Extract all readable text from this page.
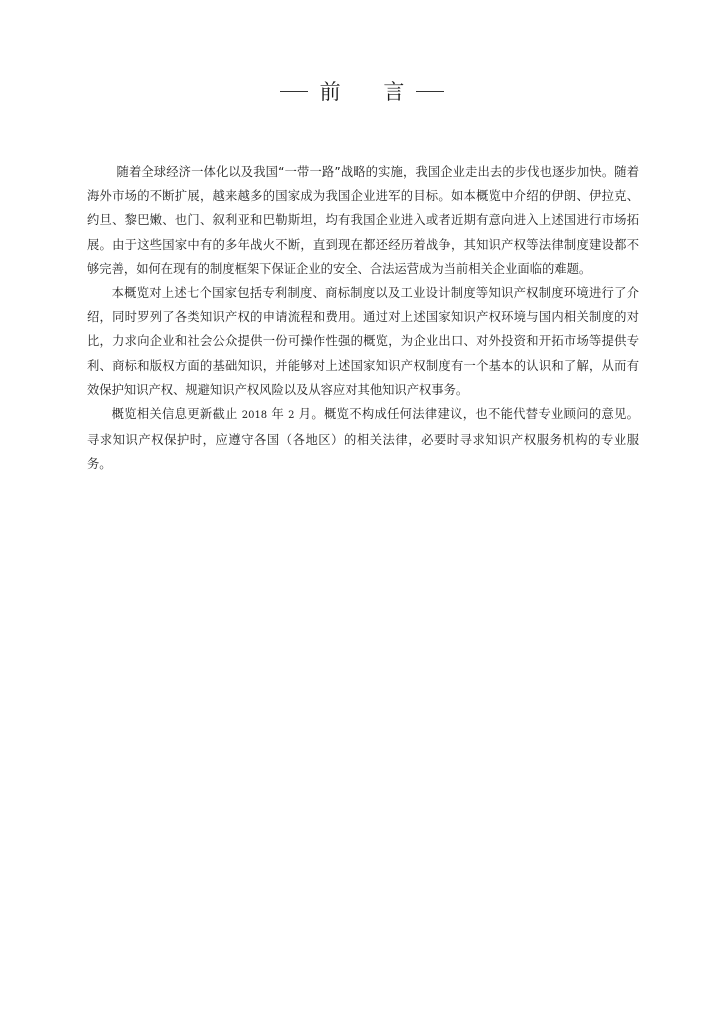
前 言

随着全球经济一体化以及我国“一带一路”战略的实施，我国企业走出去的步伐也逐步加快。随着海外市场的不断扩展，越来越多的国家成为我国企业进军的目标。如本概览中介绍的伊朗、伊拉克、约旦、黎巴嫩、也门、叙利亚和巴勒斯坦，均有我国企业进入或者近期有意向进入上述国进行市场拓展。由于这些国家中有的多年战火不断，直到现在都还经历着战争，其知识产权等法律制度建设都不够完善，如何在现有的制度框架下保证企业的安全、合法运营成为当前相关企业面临的难题。

本概览对上述七个国家包括专利制度、商标制度以及工业设计制度等知识产权制度环境进行了介绍，同时罗列了各类知识产权的申请流程和费用。通过对上述国家知识产权环境与国内相关制度的对比，力求向企业和社会公众提供一份可操作性强的概览，为企业出口、对外投资和开拓市场等提供专利、商标和版权方面的基础知识，并能够对上述国家知识产权制度有一个基本的认识和了解，从而有效保护知识产权、规避知识产权风险以及从容应对其他知识产权事务。

概览相关信息更新截止 2018 年 2 月。概览不构成任何法律建议，也不能代替专业顾问的意见。寻求知识产权保护时，应遵守各国（各地区）的相关法律，必要时寻求知识产权服务机构的专业服务。
